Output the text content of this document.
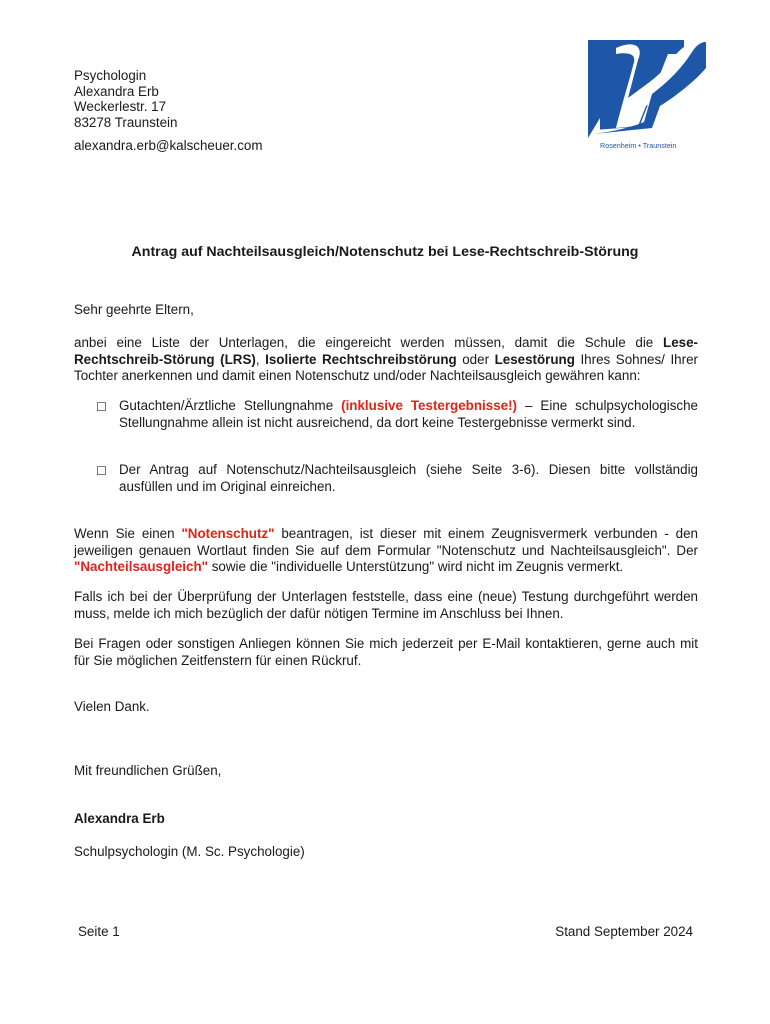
Psychologin
Alexandra Erb
Weckerlestr. 17
83278 Traunstein
alexandra.erb@kalscheuer.com
®
Rosenheim • Traunstein
Antrag auf Nachteilsausgleich/Notenschutz bei Lese-Rechtschreib-Störung
Sehr geehrte Eltern,
anbei eine Liste der Unterlagen, die eingereicht werden müssen, damit die Schule die Lese-Rechtschreib-Störung (LRS), Isolierte Rechtschreibstörung oder Lesestörung Ihres Sohnes/ Ihrer Tochter anerkennen und damit einen Notenschutz und/oder Nachteilsausgleich gewähren kann:
☐ Gutachten/Ärztliche Stellungnahme (inklusive Testergebnisse!) – Eine schulpsychologische Stellungnahme allein ist nicht ausreichend, da dort keine Testergebnisse vermerkt sind.
☐ Der Antrag auf Notenschutz/Nachteilsausgleich (siehe Seite 3-6). Diesen bitte vollständig ausfüllen und im Original einreichen.
Wenn Sie einen "Notenschutz" beantragen, ist dieser mit einem Zeugnisvermerk verbunden - den jeweiligen genauen Wortlaut finden Sie auf dem Formular "Notenschutz und Nachteilsausgleich". Der "Nachteilsausgleich" sowie die "individuelle Unterstützung" wird nicht im Zeugnis vermerkt.
Falls ich bei der Überprüfung der Unterlagen feststelle, dass eine (neue) Testung durchgeführt werden muss, melde ich mich bezüglich der dafür nötigen Termine im Anschluss bei Ihnen.
Bei Fragen oder sonstigen Anliegen können Sie mich jederzeit per E-Mail kontaktieren, gerne auch mit für Sie möglichen Zeitfenstern für einen Rückruf.
Vielen Dank.
Mit freundlichen Grüßen,
Alexandra Erb
Schulpsychologin (M. Sc. Psychologie)
Seite 1	Stand September 2024
